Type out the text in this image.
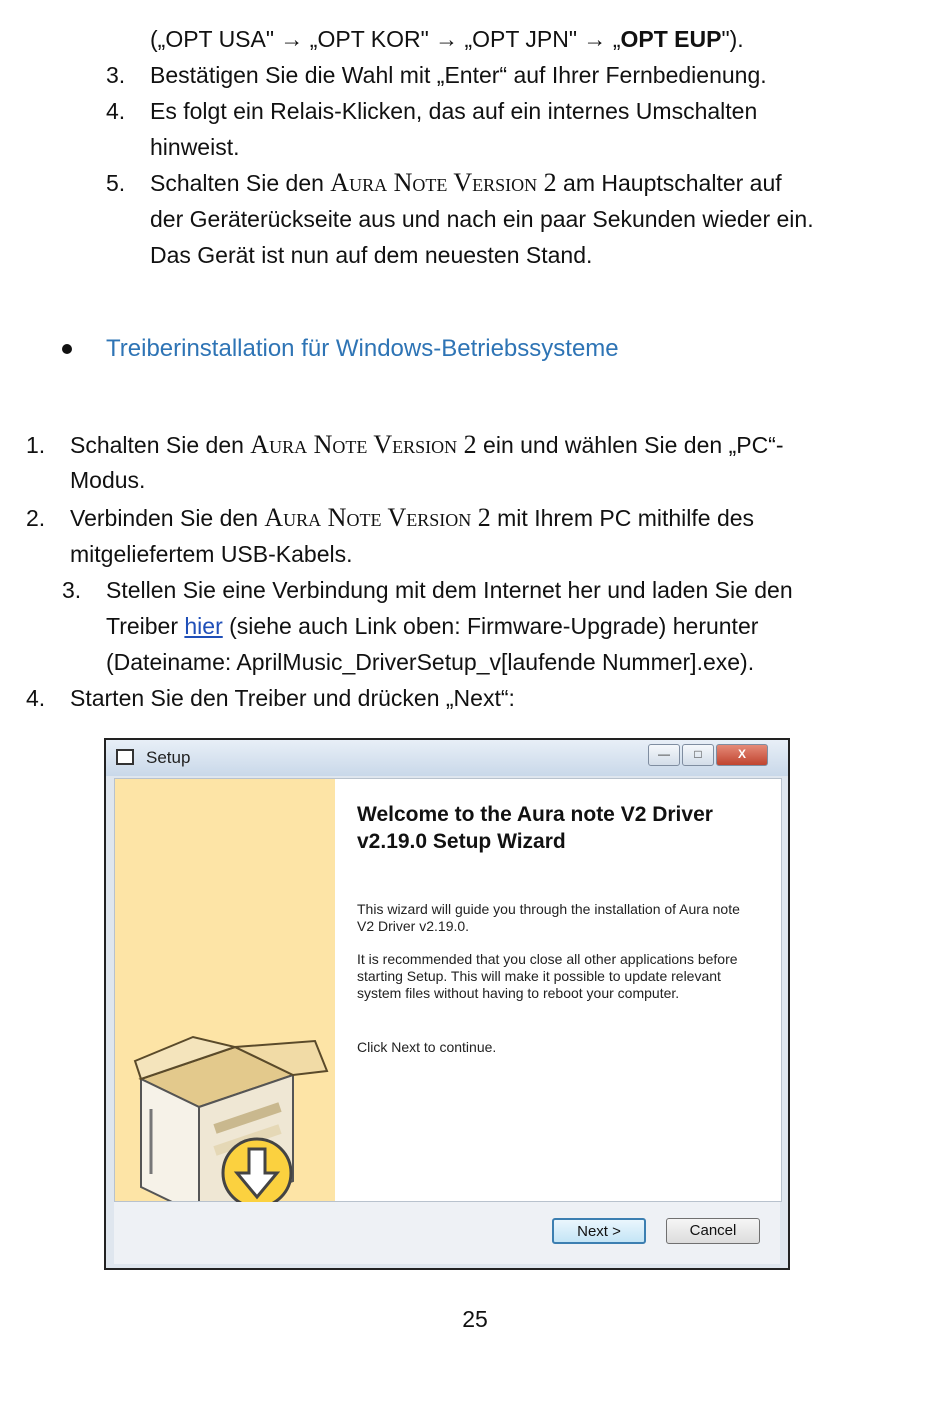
(„OPT USA" → „OPT KOR" → „OPT JPN" → „OPT EUP").
3. Bestätigen Sie die Wahl mit „Enter“ auf Ihrer Fernbedienung.
4. Es folgt ein Relais-Klicken, das auf ein internes Umschalten
hinweist.
5. Schalten Sie den Aura Note Version 2 am Hauptschalter auf
der Geräterückseite aus und nach ein paar Sekunden wieder ein.
Das Gerät ist nun auf dem neuesten Stand.
Treiberinstallation für Windows-Betriebssysteme
1. Schalten Sie den Aura Note Version 2 ein und wählen Sie den „PC“-
Modus.
2. Verbinden Sie den Aura Note Version 2 mit Ihrem PC mithilfe des
mitgeliefertem USB-Kabels.
3. Stellen Sie eine Verbindung mit dem Internet her und laden Sie den
Treiber hier (siehe auch Link oben: Firmware-Upgrade) herunter
(Dateiname: AprilMusic_DriverSetup_v[laufende Nummer].exe).
4. Starten Sie den Treiber und drücken „Next“:
Setup	—	□	X
Welcome to the Aura note V2 Driver v2.19.0 Setup Wizard
This wizard will guide you through the installation of Aura note V2 Driver v2.19.0.
It is recommended that you close all other applications before starting Setup. This will make it possible to update relevant system files without having to reboot your computer.
Click Next to continue.
Next >	Cancel
25
